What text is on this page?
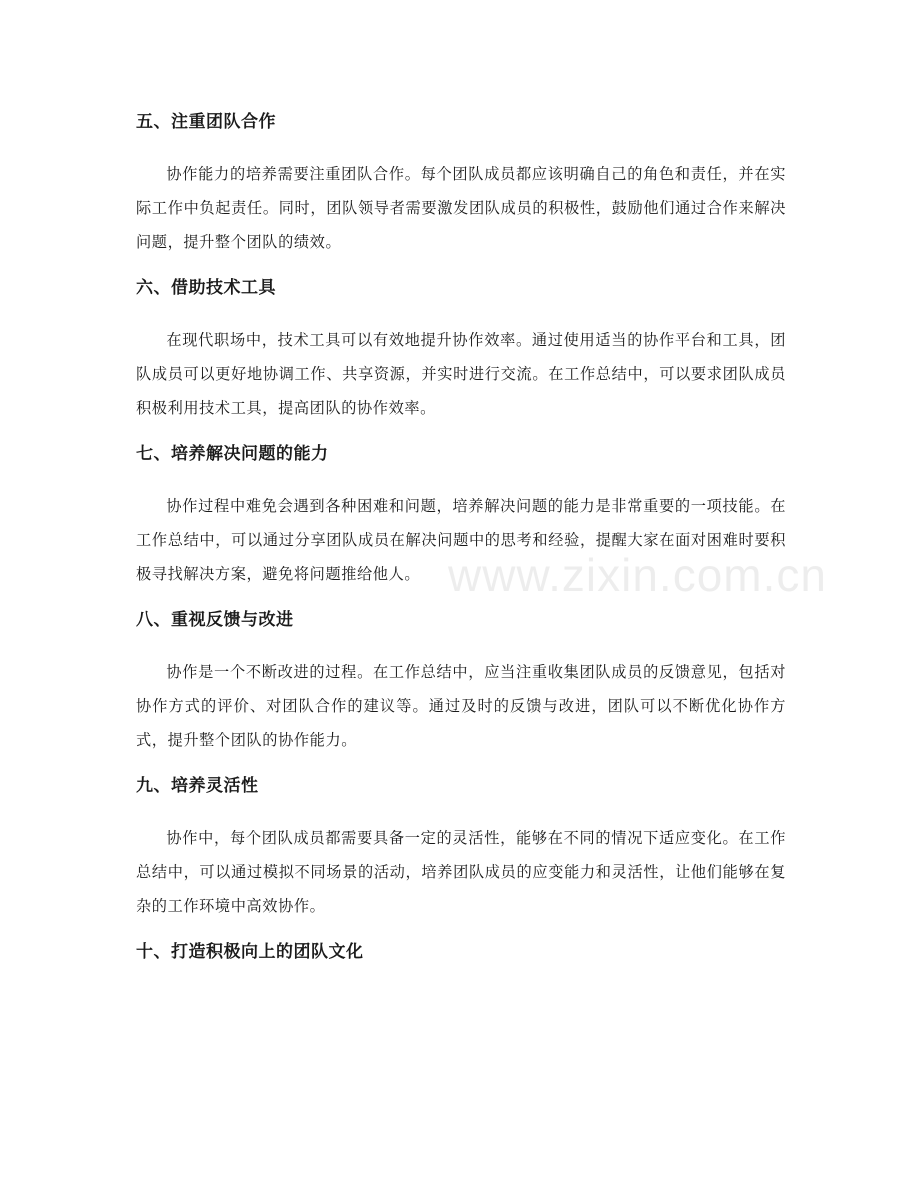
五、注重团队合作

协作能力的培养需要注重团队合作。每个团队成员都应该明确自己的角色和责任，并在实际工作中负起责任。同时，团队领导者需要激发团队成员的积极性，鼓励他们通过合作来解决问题，提升整个团队的绩效。

六、借助技术工具

在现代职场中，技术工具可以有效地提升协作效率。通过使用适当的协作平台和工具，团队成员可以更好地协调工作、共享资源，并实时进行交流。在工作总结中，可以要求团队成员积极利用技术工具，提高团队的协作效率。

七、培养解决问题的能力

协作过程中难免会遇到各种困难和问题，培养解决问题的能力是非常重要的一项技能。在工作总结中，可以通过分享团队成员在解决问题中的思考和经验，提醒大家在面对困难时要积极寻找解决方案，避免将问题推给他人。

八、重视反馈与改进

协作是一个不断改进的过程。在工作总结中，应当注重收集团队成员的反馈意见，包括对协作方式的评价、对团队合作的建议等。通过及时的反馈与改进，团队可以不断优化协作方式，提升整个团队的协作能力。

九、培养灵活性

协作中，每个团队成员都需要具备一定的灵活性，能够在不同的情况下适应变化。在工作总结中，可以通过模拟不同场景的活动，培养团队成员的应变能力和灵活性，让他们能够在复杂的工作环境中高效协作。

十、打造积极向上的团队文化
www.zixin.com.cn
